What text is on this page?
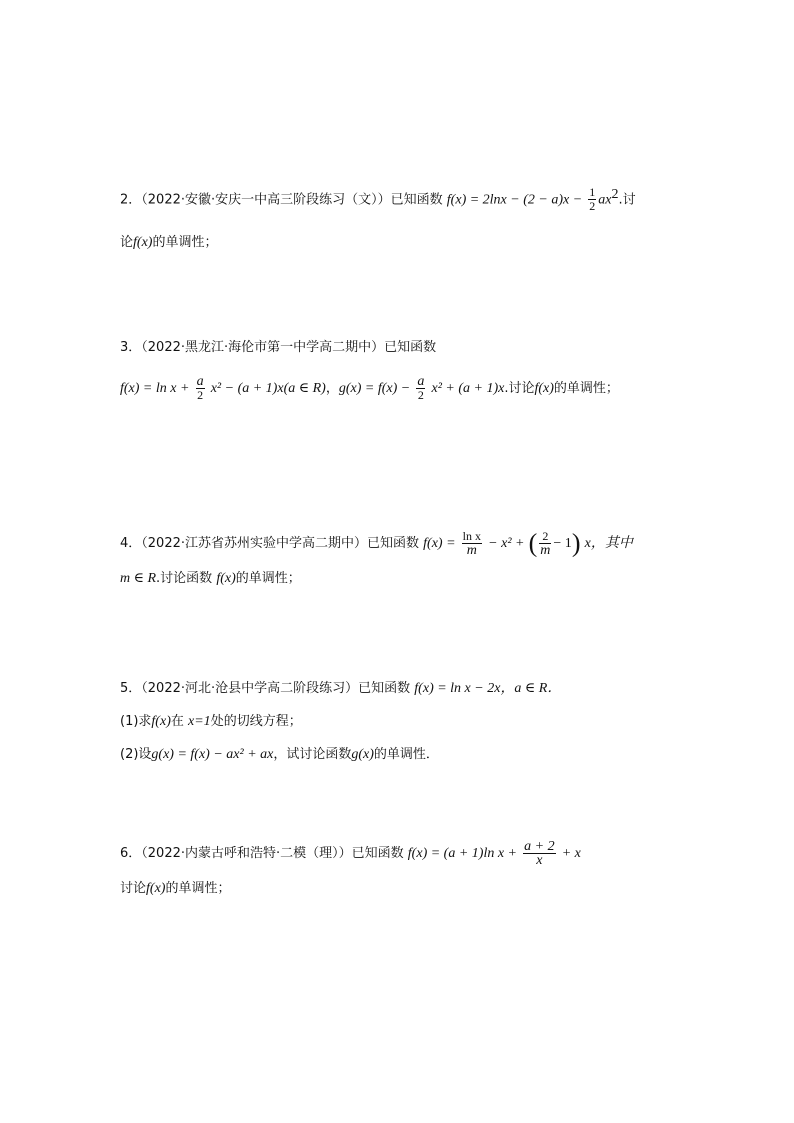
2．（2022·安徽·安庆一中高三阶段练习（文））已知函数 $f(x) = 2\ln x - (2 - a)x - \frac{1}{2} ax^2$.讨
论f(x)的单调性；
3．（2022·黑龙江·海伦市第一中学高二期中）已知函数
$f(x) = \ln x + \frac{a}{2} x^2 - (a + 1)x(a$ ∈ R)，$g(x) = f(x) - \frac{a}{2} x^2 + (a + 1)x$.讨论f(x)的单调性；
4．（2022·江苏省苏州实验中学高二期中）已知函数 $f(x) = \frac{\text{ln x}}{m} - x^2$ + ( $\frac{2}{m} - 1$) x，其中
m ∈ R.讨论函数 f(x)的单调性；
5．（2022·河北·沧县中学高二阶段练习）已知函数 f(x) = ln x − 2x，a ∈ R．
(1)求f(x)在 x=1处的切线方程；
(2)设g(x) = f(x) − ax² + ax，试讨论函数g(x)的单调性．
6．（2022·内蒙古呼和浩特·二模（理））已知函数 f(x) = (a + 1)ln $x + \frac{a + 2}{x} + x$
讨论f(x)的单调性；
